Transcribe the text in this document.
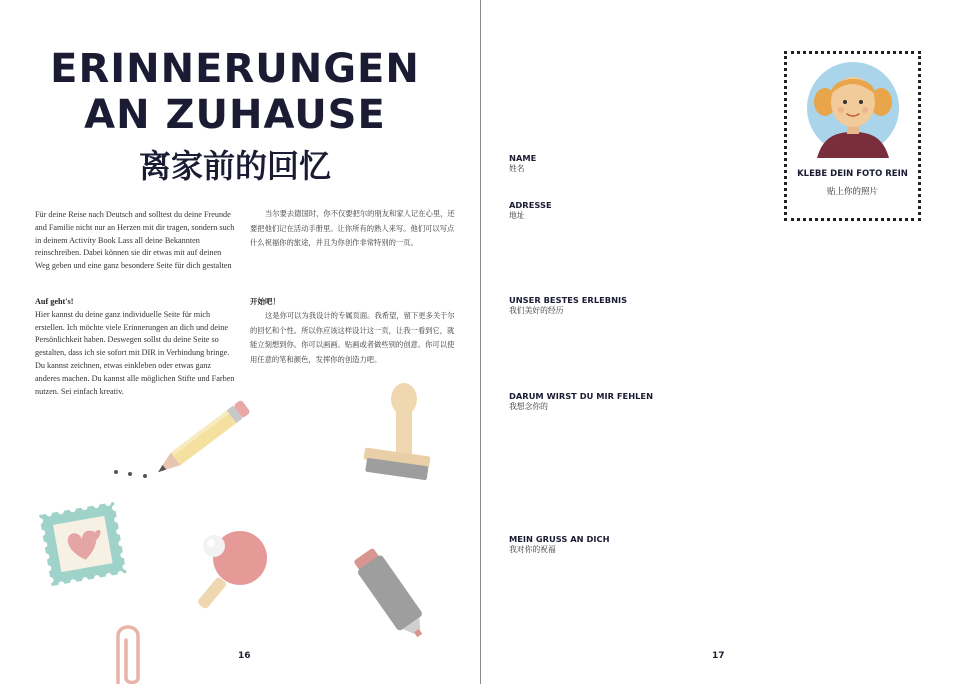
ERINNERUNGEN AN ZUHAUSE
离家前的回忆
Für deine Reise nach Deutsch and solltest du deine Freunde and Familie nicht nur an Herzen mit dir tragen, sondern such in deinem Activity Book Lass all deine Bekannten reinschreiben. Dabei können sie dir etwas mit auf deinen Weg geben und eine ganz besondere Seite für dich gestalten
当尔要去德国时，你不仅要把尔的朋友和家人记在心里，还要把他们记在活动手册里。让你所有的熟人来写。他们可以写点什么祝福你的旅途，并且为你创作非常特别的一页。
Auf geht's!
Hier kannst du deine ganz individuelle Seite für mich erstellen. Ich möchte viele Erinnerungen an dich und deine Persönlichkeit haben. Deswegen sollst du deine Seite so gestalten, dass ich sie sofort mit DIR in Verbindung bringe. Du kannst zeichnen, etwas einkleben oder etwas ganz anderes machen. Du kannst alle möglichen Stifte und Farben nutzen. Sei einfach kreativ.
开始吧！
这是你可以为我设计的专属页面。我希望，留下更多关于尔的回忆和个性。所以你应该这样设计这一页，让我一看到它，就能立刻想到你。你可以画画、贴画或者做些别的创意。你可以使用任意的笔和颜色，发挥你的创造力吧。
16	17
NAME
姓名
ADRESSE
地址
UNSER BESTES ERLEBNIS
我们美好的经历
DARUM WIRST DU MIR FEHLEN
我想念你的
MEIN GRUSS AN DICH
我对你的祝福
KLEBE DEIN FOTO REIN
贴上你的照片
